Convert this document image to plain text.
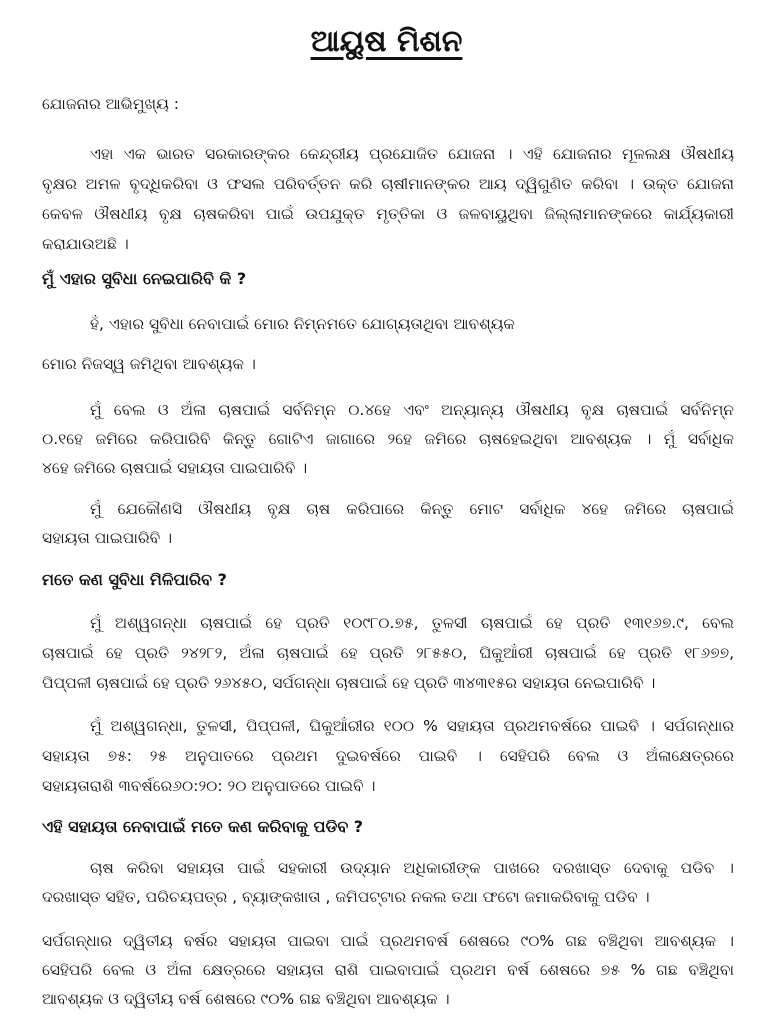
ଆୟୁଷ ମିଶନ
ଯୋଜନାର ଆଭିମୁଖ୍ୟ :
ଏହା ଏକ ଭାରତ ସରକାରଙ୍କର କେନ୍ଦ୍ରୀୟ ପ୍ରଯୋଜିତ ଯୋଜନା । ଏହି ଯୋଜନାର ମୂଳଲକ୍ଷ ଔଷଧୀୟ
ବୃକ୍ଷର ଅମଳ ବୃଦ୍ଧିକରିବା ଓ ଫସଲ ପରିବର୍ତ୍ତନ କରି ଚାଷୀମାନଙ୍କର ଆୟ ଦ୍ୱିଗୁଣିତ କରିବା । ଉକ୍ତ ଯୋଜନା
କେବଳ ଔଷଧୀୟ ବୃକ୍ଷ ଚାଷକରିବା ପାଇଁ ଉପଯୁକ୍ତ ମୃତ୍ତିକା ଓ ଜଳବାୟୁଥିବା ଜିଲ୍ଲାମାନଙ୍କରେ କାର୍ଯ୍ୟକାରୀ
କରାଯାଉଅଛି ।
ମୁଁ ଏହାର ସୁବିଧା ନେଇପାରିବି କି ?
ହଁ, ଏହାର ସୁବିଧା ନେବାପାଇଁ ମୋର ନିମ୍ନମତେ ଯୋଗ୍ୟତାଥିବା ଆବଶ୍ୟକ
ମୋର ନିଜସ୍ୱ ଜମିଥିବା ଆବଶ୍ୟକ ।
ମୁଁ ବେଲ ଓ ଅଁଳା ଚାଷପାଇଁ ସର୍ବନିମ୍ନ ୦.୪ହେ ଏବଂ ଅନ୍ୟାନ୍ୟ ଔଷଧୀୟ ବୃକ୍ଷ ଚାଷପାଇଁ ସର୍ବନିମ୍ନ
୦.୧ହେ ଜମିରେ କରିପାରିବି କିନ୍ତୁ ଗୋଟିଏ ଜାଗାରେ ୨ହେ ଜମିରେ ଚାଷହେଇଥିବା ଆବଶ୍ୟକ । ମୁଁ ସର୍ବାଧିକ
୪ହେ ଜମିରେ ଚାଷପାଇଁ ସହାୟତା ପାଇପାରିବି ।
ମୁଁ ଯେକୌଣସି ଔଷଧୀୟ ବୃକ୍ଷ ଚାଷ କରିପାରେ କିନ୍ତୁ ମୋଟ ସର୍ବାଧିକ ୪ହେ ଜମିରେ ଚାଷପାଇଁ
ସହାୟତା ପାଇପାରିବି ।
ମତେ କଣ ସୁବିଧା ମିଳିପାରିବ ?
ମୁଁ ଅଶ୍ୱଗନ୍ଧା ଚାଷପାଇଁ ହେ ପ୍ରତି ୧୦୯୮୦.୭୫, ତୁଳସୀ ଚାଷପାଇଁ ହେ ପ୍ରତି ୧୩୧୬୭.୯, ବେଲ
ଚାଷପାଇଁ ହେ ପ୍ରତି ୨୪୨୮୨, ଅଁଳା ଚାଷପାଇଁ ହେ ପ୍ରତି ୨୮୫୫୦, ଘିକୁଆଁରୀ ଚାଷପାଇଁ ହେ ପ୍ରତି ୧୮୬୭୭,
ପିପ୍ପଳୀ ଚାଷପାଇଁ ହେ ପ୍ରତି ୨୬୪୫୦, ସର୍ପଗନ୍ଧା ଚାଷପାଇଁ ହେ ପ୍ରତି ୩୪୩୧୫ର ସହାୟତା ନେଇପାରିବି ।
ମୁଁ ଅଶ୍ୱଗନ୍ଧା, ତୁଳସୀ, ପିପ୍ପଳୀ, ଘିକୁଆଁରୀର ୧୦୦ % ସହାୟତା ପ୍ରଥମବର୍ଷରେ ପାଇବି । ସର୍ପଗନ୍ଧାର
ସହାୟତା ୭୫: ୨୫ ଅନୁପାତରେ ପ୍ରଥମ ଦୁଇବର୍ଷରେ ପାଇବି । ସେହିପରି ବେଲ ଓ ଅଁଳାକ୍ଷେତ୍ରରେ
ସହାୟତାରାଶି ୩ବର୍ଷରେ୬୦:୨୦: ୨୦ ଅନୁପାତରେ ପାଇବି ।
ଏହି ସହାୟତା ନେବାପାଇଁ ମତେ କଣ କରିବାକୁ ପଡିବ ?
ଚାଷ କରିବା ସହାୟତା ପାଇଁ ସହକାରୀ ଉଦ୍ୟାନ ଅଧିକାରୀଙ୍କ ପାଖରେ ଦରଖାସ୍ତ ଦେବାକୁ ପଡିବ ।
ଦରଖାସ୍ତ ସହିତ, ପରିଚୟପତ୍ର , ବ୍ୟାଙ୍କଖାତା , ଜମିପଟ୍ଟାର ନକଲ ତଥା ଫଟୋ ଜମାକରିବାକୁ ପଡିବ ।
ସର୍ପଗନ୍ଧାର ଦ୍ୱିତୀୟ ବର୍ଷର ସହାୟତା ପାଇବା ପାଇଁ ପ୍ରଥମବର୍ଷ ଶେଷରେ ୯୦% ଗଛ ବଞ୍ଚିଥିବା ଆବଶ୍ୟକ ।
ସେହିପରି ବେଲ ଓ ଅଁଳା କ୍ଷେତ୍ରରେ ସହାୟତା ରାଶି ପାଇବାପାଇଁ ପ୍ରଥମ ବର୍ଷ ଶେଷରେ ୭୫ % ଗଛ ବଞ୍ଚିଥିବା
ଆବଶ୍ୟକ ଓ ଦ୍ୱିତୀୟ ବର୍ଷ ଶେଷରେ ୯୦% ଗଛ ବଞ୍ଚିଥିବା ଆବଶ୍ୟକ ।
